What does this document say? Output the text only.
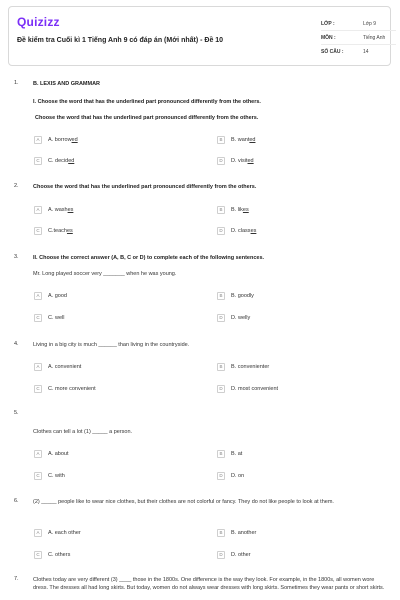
Quizizz
Đề kiểm tra Cuối kì 1 Tiếng Anh 9 có đáp án (Mới nhất) - Đề 10
LỚP :	Lớp 9
MÔN :	Tiếng Anh
SỐ CÂU :	14
1.	B. LEXIS AND GRAMMAR
I. Choose the word that has the underlined part pronounced differently from the others.
Choose the word that has the underlined part pronounced differently from the others.
A	A. borrow ed	B	B. want ed
C	C. decid ed	D	D. visit ed
2.	Choose the word that has the underlined part pronounced differently from the others.
A	A. wash es	B	B. lik es
C	C.teach es	D	D. class es
3.	II. Choose the correct answer (A, B, C or D) to complete each of the following sentences.
Mr. Long played soccer very _______ when he was young.
A	A. good	B	B. goodly
C	C. well	D	D. welly
4.	Living in a big city is much ______ than living in the countryside.
A	A. convenient	B	B. convenienter
C	C. more convenient	D	D. most convenient
5.
Clothes can tell a lot (1) _____ a person.
A	A. about	B	B. at
C	C. with	D	D. on
6.	(2) _____ people like to wear nice clothes, but their clothes are not colorful or fancy. They do not like people to look at them.
A	A. each other	B	B. another
C	C. others	D	D. other
7.	Clothes today are very different (3) ____ those in the 1800s. One difference is the way they look. For example, in the 1800s, all women wore dress. The dresses all had long skirts. But today, women do not always wear dresses with long skirts. Sometimes they wear pants or short skirts.
